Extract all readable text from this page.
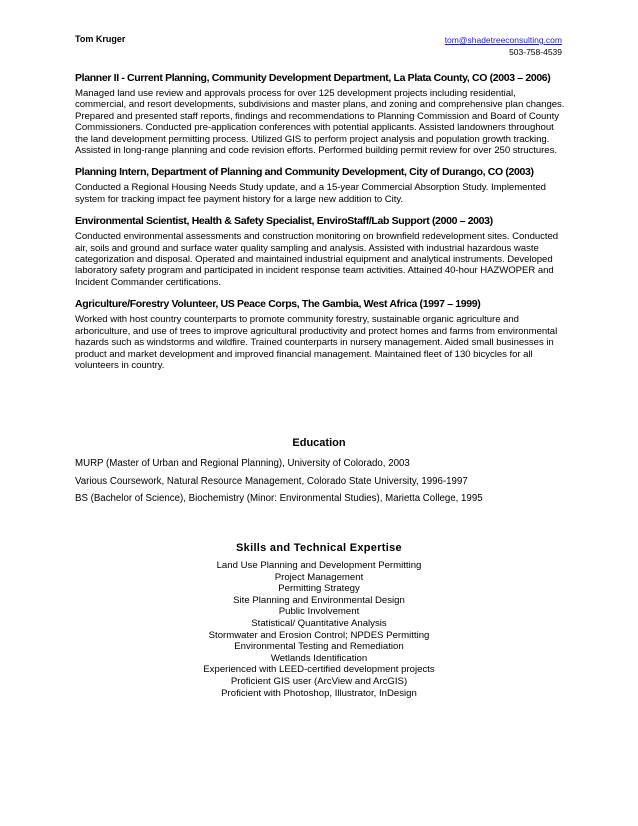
Tom Kruger	tom@shadetreeconsulting.com
503-758-4539
Planner II - Current Planning, Community Development Department, La Plata County, CO (2003 – 2006)
Managed land use review and approvals process for over 125 development projects including residential, commercial, and resort developments, subdivisions and master plans, and zoning and comprehensive plan changes. Prepared and presented staff reports, findings and recommendations to Planning Commission and Board of County Commissioners. Conducted pre-application conferences with potential applicants. Assisted landowners throughout the land development permitting process. Utilized GIS to perform project analysis and population growth tracking. Assisted in long-range planning and code revision efforts. Performed building permit review for over 250 structures.
Planning Intern, Department of Planning and Community Development, City of Durango, CO (2003)
Conducted a Regional Housing Needs Study update, and a 15-year Commercial Absorption Study. Implemented system for tracking impact fee payment history for a large new addition to City.
Environmental Scientist, Health & Safety Specialist, EnviroStaff/Lab Support (2000 – 2003)
Conducted environmental assessments and construction monitoring on brownfield redevelopment sites. Conducted air, soils and ground and surface water quality sampling and analysis. Assisted with industrial hazardous waste categorization and disposal. Operated and maintained industrial equipment and analytical instruments. Developed laboratory safety program and participated in incident response team activities. Attained 40-hour HAZWOPER and Incident Commander certifications.
Agriculture/Forestry Volunteer, US Peace Corps, The Gambia, West Africa (1997 – 1999)
Worked with host country counterparts to promote community forestry, sustainable organic agriculture and arboriculture, and use of trees to improve agricultural productivity and protect homes and farms from environmental hazards such as windstorms and wildfire. Trained counterparts in nursery management. Aided small businesses in product and market development and improved financial management. Maintained fleet of 130 bicycles for all volunteers in country.
Education
MURP (Master of Urban and Regional Planning), University of Colorado, 2003
Various Coursework, Natural Resource Management, Colorado State University, 1996-1997
BS (Bachelor of Science), Biochemistry (Minor: Environmental Studies), Marietta College, 1995
Skills and Technical Expertise
Land Use Planning and Development Permitting
Project Management
Permitting Strategy
Site Planning and Environmental Design
Public Involvement
Statistical/ Quantitative Analysis
Stormwater and Erosion Control; NPDES Permitting
Environmental Testing and Remediation
Wetlands Identification
Experienced with LEED-certified development projects
Proficient GIS user (ArcView and ArcGIS)
Proficient with Photoshop, Illustrator, InDesign
